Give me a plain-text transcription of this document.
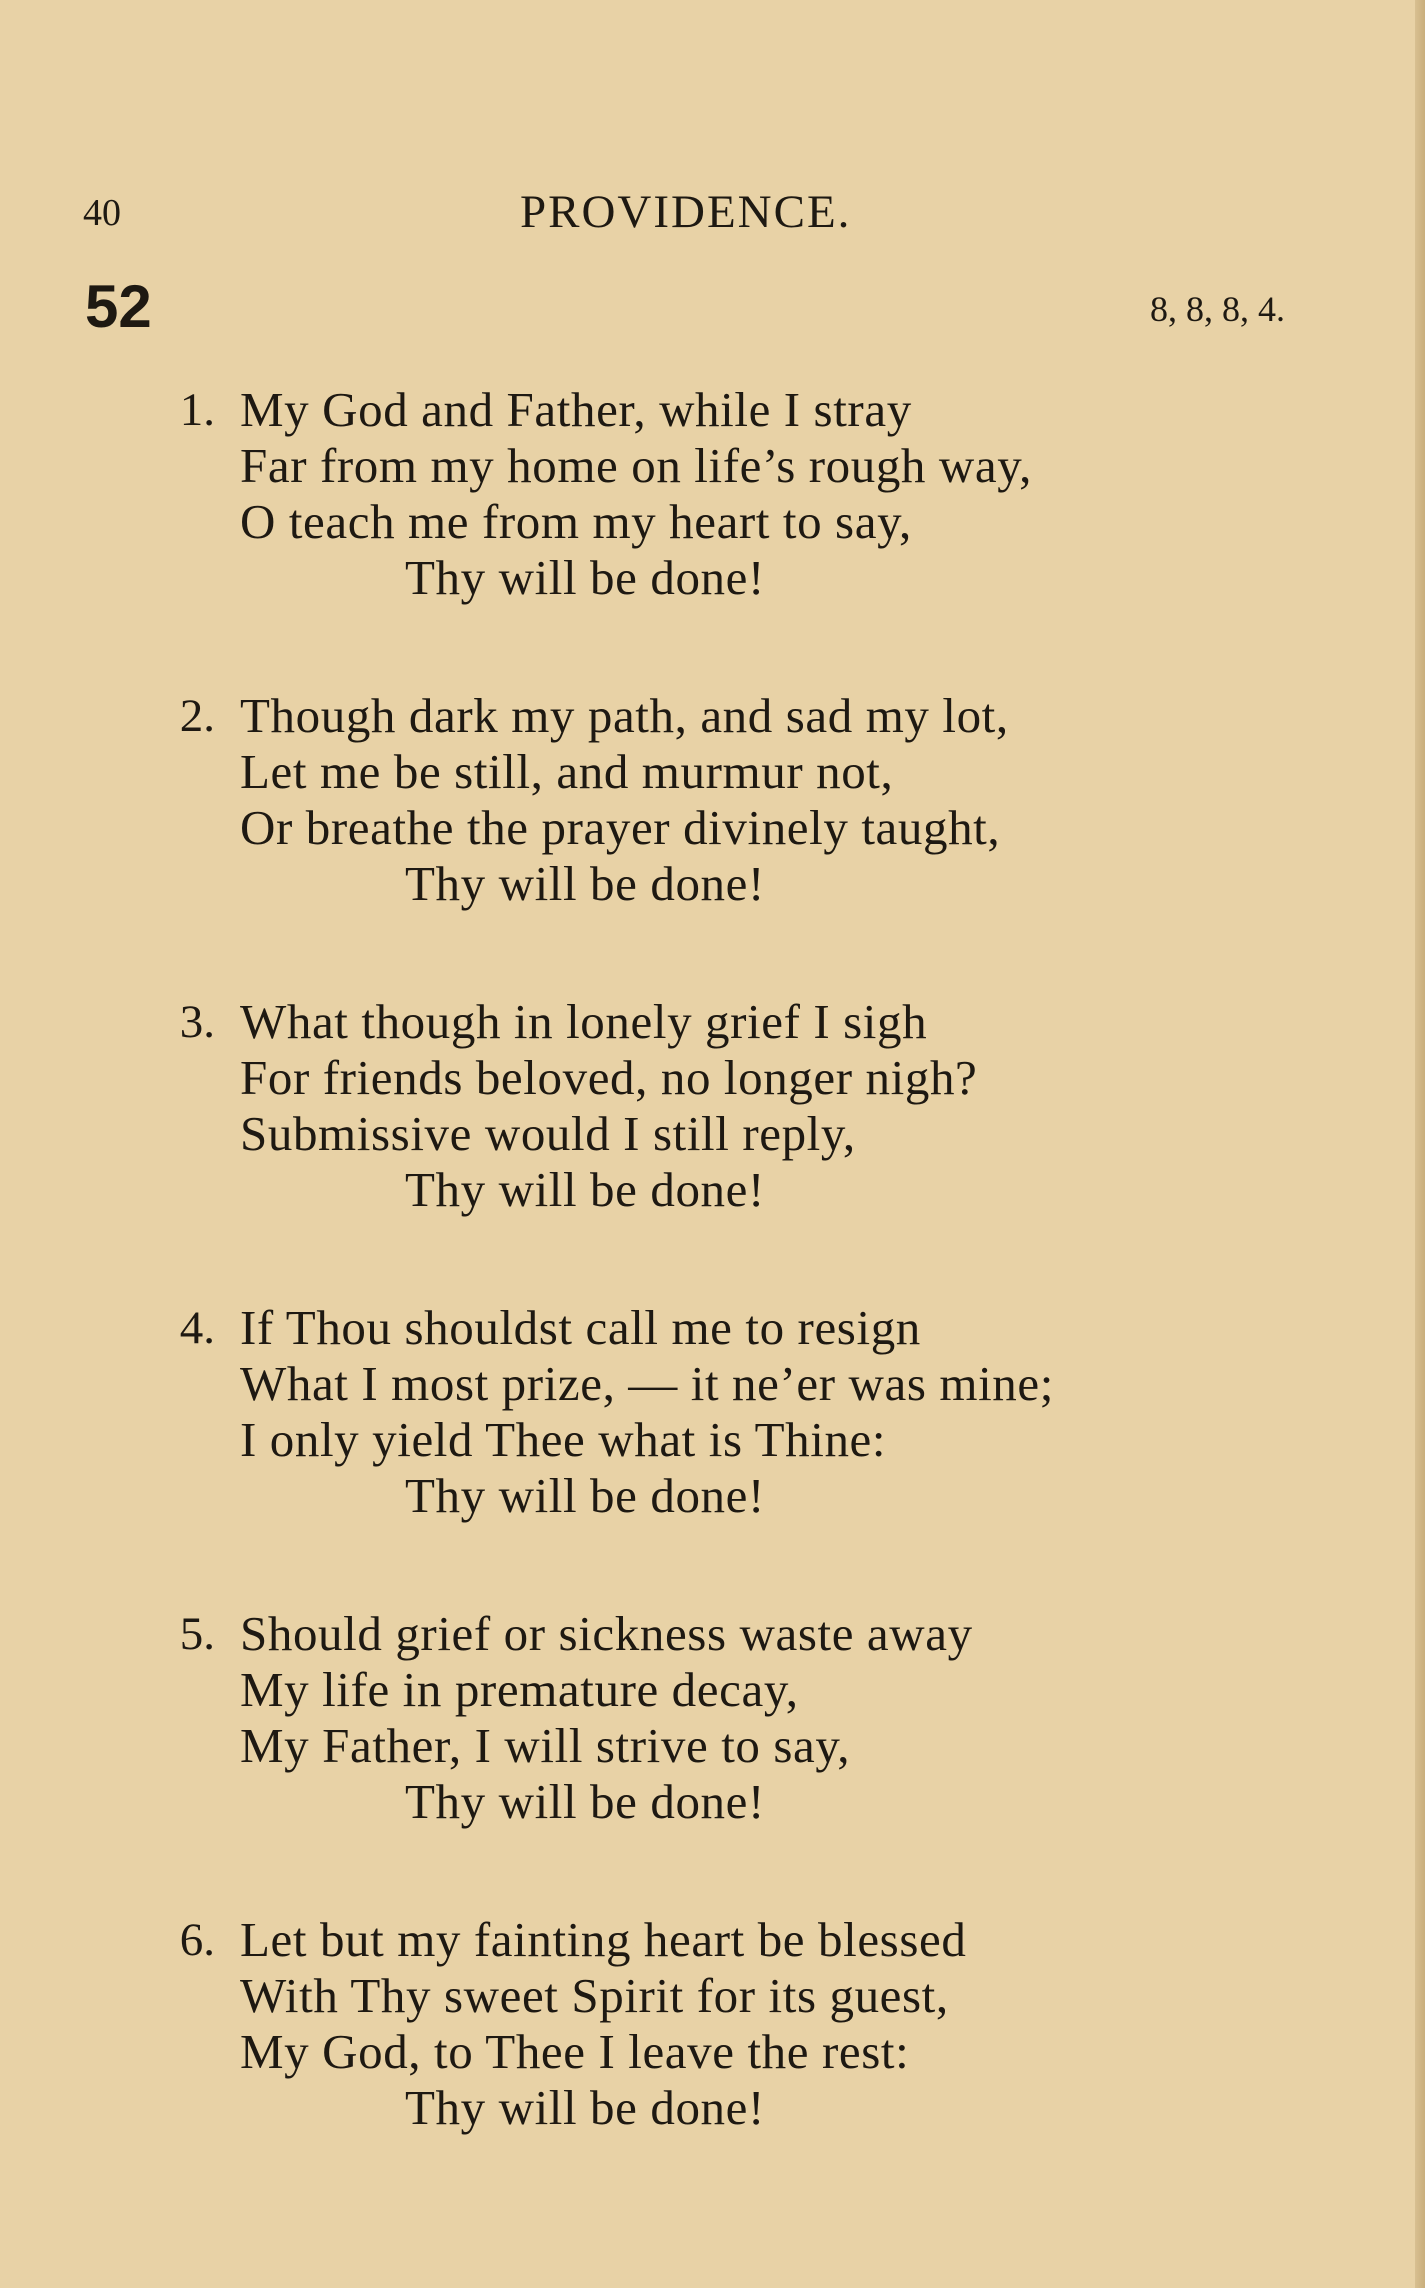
40	PROVIDENCE.
52	8, 8, 8, 4.
1. My God and Father, while I stray
Far from my home on life’s rough way,
O teach me from my heart to say,
Thy will be done!
2. Though dark my path, and sad my lot,
Let me be still, and murmur not,
Or breathe the prayer divinely taught,
Thy will be done!
3. What though in lonely grief I sigh
For friends beloved, no longer nigh?
Submissive would I still reply,
Thy will be done!
4. If Thou shouldst call me to resign
What I most prize, — it ne’er was mine;
I only yield Thee what is Thine:
Thy will be done!
5. Should grief or sickness waste away
My life in premature decay,
My Father, I will strive to say,
Thy will be done!
6. Let but my fainting heart be blessed
With Thy sweet Spirit for its guest,
My God, to Thee I leave the rest:
Thy will be done!
